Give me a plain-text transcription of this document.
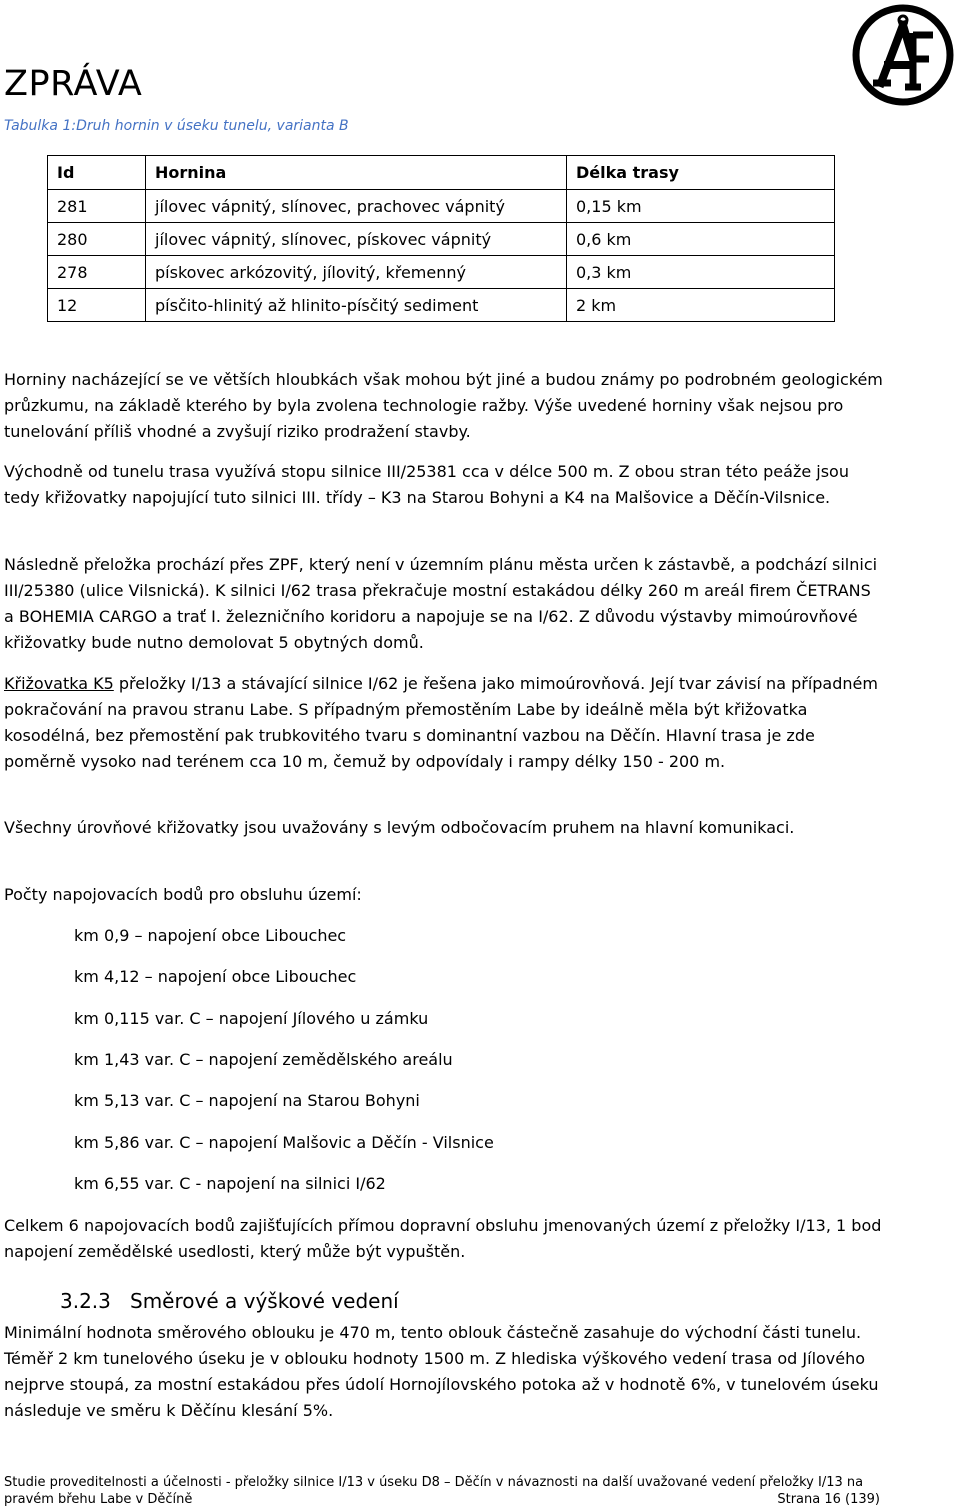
ZPRÁVA
Tabulka 1:Druh hornin v úseku tunelu, varianta B
Id	Hornina	Délka trasy
281	jílovec vápnitý, slínovec, prachovec vápnitý	0,15 km
280	jílovec vápnitý, slínovec, pískovec vápnitý	0,6 km
278	pískovec arkózovitý, jílovitý, křemenný	0,3 km
12	písčito-hlinitý až hlinito-písčitý sediment	2 km

Horniny nacházející se ve větších hloubkách však mohou být jiné a budou známy po podrobném geologickém průzkumu, na základě kterého by byla zvolena technologie ražby. Výše uvedené horniny však nejsou pro tunelování příliš vhodné a zvyšují riziko prodražení stavby.

Východně od tunelu trasa využívá stopu silnice III/25381 cca v délce 500 m. Z obou stran této peáže jsou tedy křižovatky napojující tuto silnici III. třídy – K3 na Starou Bohyni a K4 na Malšovice a Děčín-Vilsnice.

Následně přeložka prochází přes ZPF, který není v územním plánu města určen k zástavbě, a podchází silnici III/25380 (ulice Vilsnická). K silnici I/62 trasa překračuje mostní estakádou délky 260 m areál firem ČETRANS a BOHEMIA CARGO a trať I. železničního koridoru a napojuje se na I/62. Z důvodu výstavby mimoúrovňové křižovatky bude nutno demolovat 5 obytných domů.

Křižovatka K5 přeložky I/13 a stávající silnice I/62 je řešena jako mimoúrovňová. Její tvar závisí na případném pokračování na pravou stranu Labe. S případným přemostěním Labe by ideálně měla být křižovatka kosodélná, bez přemostění pak trubkovitého tvaru s dominantní vazbou na Děčín. Hlavní trasa je zde poměrně vysoko nad terénem cca 10 m, čemuž by odpovídaly i rampy délky 150 - 200 m.

Všechny úrovňové křižovatky jsou uvažovány s levým odbočovacím pruhem na hlavní komunikaci.

Počty napojovacích bodů pro obsluhu území:

km 0,9 – napojení obce Libouchec

km 4,12 – napojení obce Libouchec

km 0,115 var. C – napojení Jílového u zámku

km 1,43 var. C – napojení zemědělského areálu

km 5,13 var. C – napojení na Starou Bohyni

km 5,86 var. C – napojení Malšovic a Děčín - Vilsnice

km 6,55 var. C - napojení na silnici I/62

Celkem 6 napojovacích bodů zajišťujících přímou dopravní obsluhu jmenovaných území z přeložky I/13, 1 bod napojení zemědělské usedlosti, který může být vypuštěn.

3.2.3 Směrové a výškové vedení

Minimální hodnota směrového oblouku je 470 m, tento oblouk částečně zasahuje do východní části tunelu. Téměř 2 km tunelového úseku je v oblouku hodnoty 1500 m. Z hlediska výškového vedení trasa od Jílového nejprve stoupá, za mostní estakádou přes údolí Hornojílovského potoka až v hodnotě 6%, v tunelovém úseku následuje ve směru k Děčínu klesání 5%.

Studie proveditelnosti a účelnosti - přeložky silnice I/13 v úseku D8 – Děčín v návaznosti na další uvažované vedení přeložky I/13 na pravém břehu Labe v Děčíně	Strana 16 (139)
